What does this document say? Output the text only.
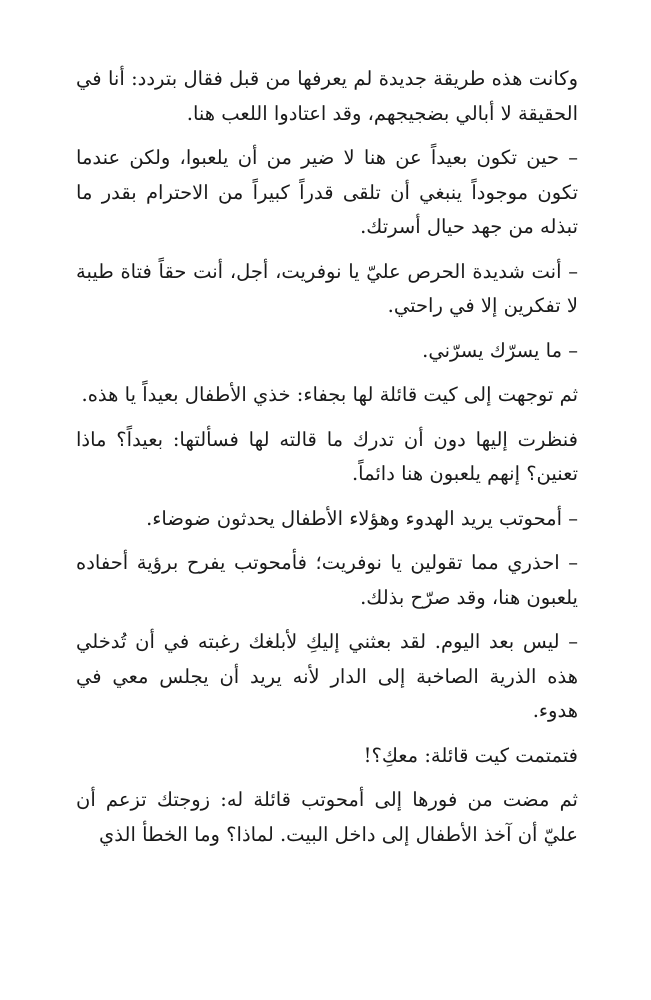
وكانت هذه طريقة جديدة لم يعرفها من قبل فقال بتردد: أنا في الحقيقة لا أبالي بضجيجهم، وقد اعتادوا اللعب هنا.

– حين تكون بعيداً عن هنا لا ضير من أن يلعبوا، ولكن عندما تكون موجوداً ينبغي أن تلقى قدراً كبيراً من الاحترام بقدر ما تبذله من جهد حيال أسرتك.

– أنت شديدة الحرص عليّ يا نوفريت، أجل، أنت حقاً فتاة طيبة لا تفكرين إلا في راحتي.

– ما يسرّك يسرّني.

ثم توجهت إلى كيت قائلة لها بجفاء: خذي الأطفال بعيداً يا هذه.

فنظرت إليها دون أن تدرك ما قالته لها فسألتها: بعيداً؟ ماذا تعنين؟ إنهم يلعبون هنا دائماً.

– أمحوتب يريد الهدوء وهؤلاء الأطفال يحدثون ضوضاء.

– احذري مما تقولين يا نوفريت؛ فأمحوتب يفرح برؤية أحفاده يلعبون هنا، وقد صرّح بذلك.

– ليس بعد اليوم. لقد بعثني إليكِ لأبلغك رغبته في أن تُدخلي هذه الذرية الصاخبة إلى الدار لأنه يريد أن يجلس معي في هدوء.

فتمتمت كيت قائلة: معكِ؟!

ثم مضت من فورها إلى أمحوتب قائلة له: زوجتك تزعم أن عليّ أن آخذ الأطفال إلى داخل البيت. لماذا؟ وما الخطأ الذي
